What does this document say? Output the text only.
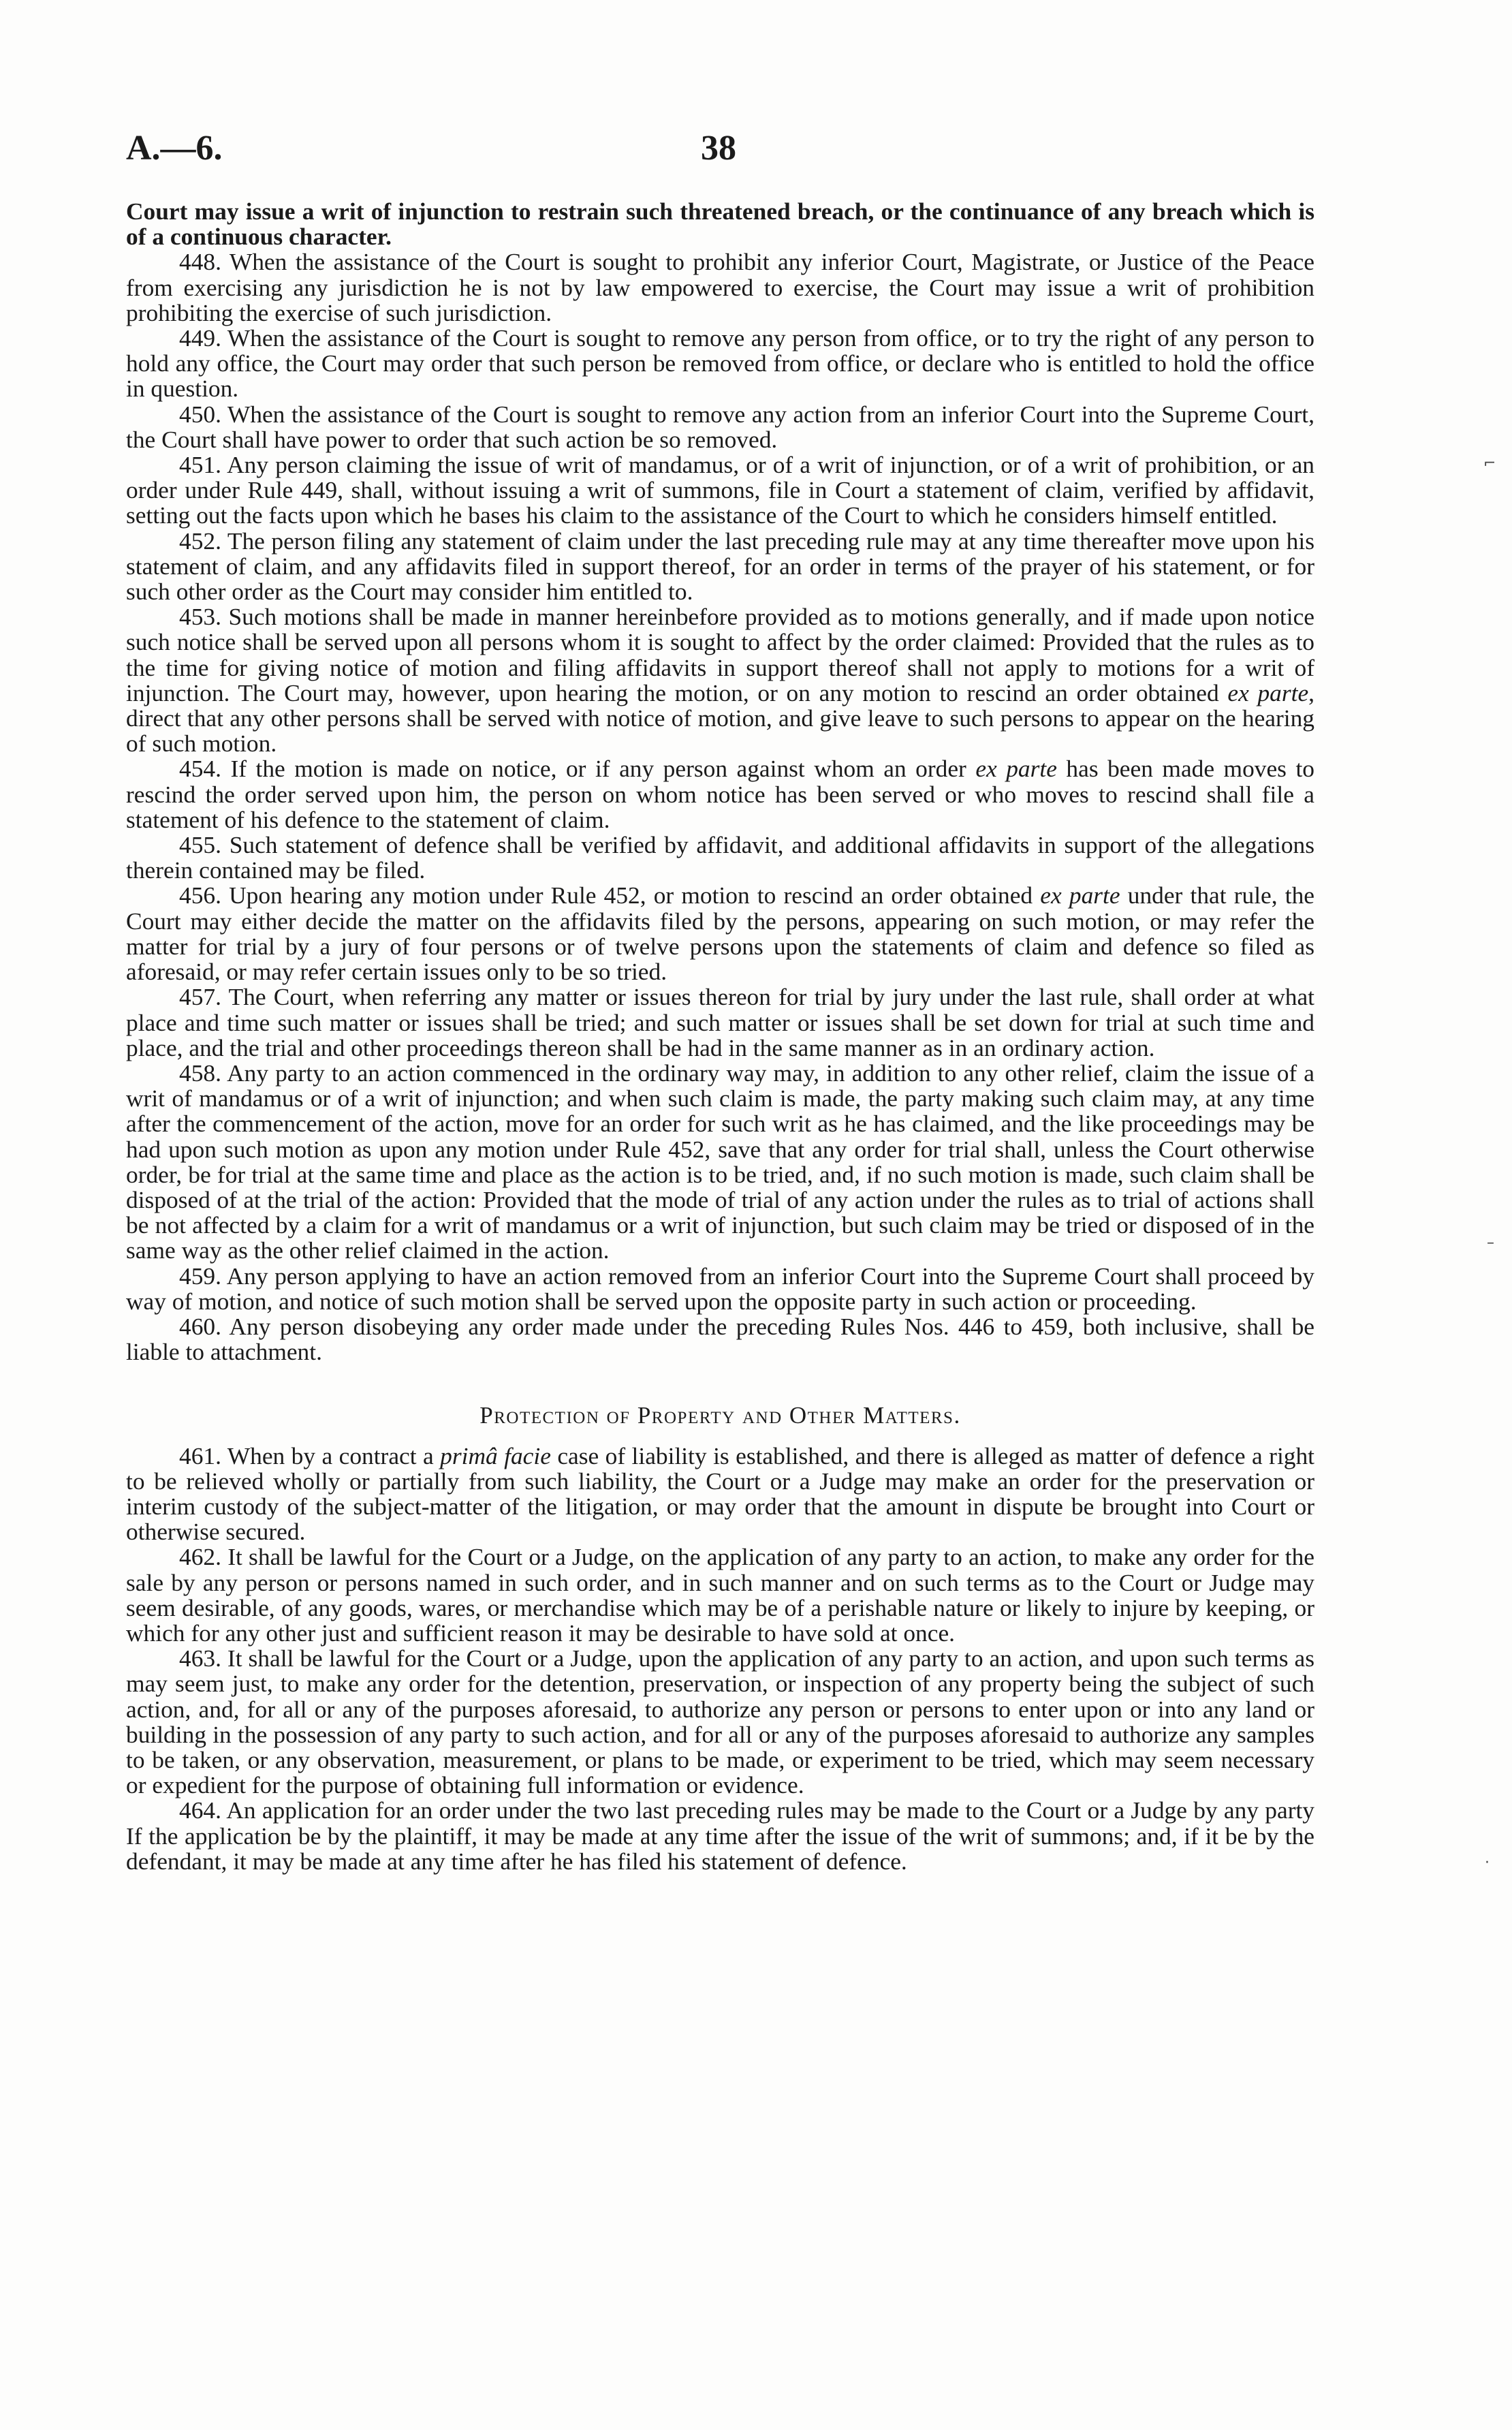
A.—6.	38
⌐
–
·

Court may issue a writ of injunction to restrain such threatened breach, or the continuance of any breach which is of a continuous character.

448. When the assistance of the Court is sought to prohibit any inferior Court, Magistrate, or Justice of the Peace from exercising any jurisdiction he is not by law empowered to exercise, the Court may issue a writ of prohibition prohibiting the exercise of such jurisdiction.

449. When the assistance of the Court is sought to remove any person from office, or to try the right of any person to hold any office, the Court may order that such person be removed from office, or declare who is entitled to hold the office in question.

450. When the assistance of the Court is sought to remove any action from an inferior Court into the Supreme Court, the Court shall have power to order that such action be so removed.

451. Any person claiming the issue of writ of mandamus, or of a writ of injunction, or of a writ of prohibition, or an order under Rule 449, shall, without issuing a writ of summons, file in Court a statement of claim, verified by affidavit, setting out the facts upon which he bases his claim to the assistance of the Court to which he considers himself entitled.

452. The person filing any statement of claim under the last preceding rule may at any time thereafter move upon his statement of claim, and any affidavits filed in support thereof, for an order in terms of the prayer of his statement, or for such other order as the Court may consider him entitled to.

453. Such motions shall be made in manner hereinbefore provided as to motions generally, and if made upon notice such notice shall be served upon all persons whom it is sought to affect by the order claimed: Provided that the rules as to the time for giving notice of motion and filing affidavits in support thereof shall not apply to motions for a writ of injunction. The Court may, however, upon hearing the motion, or on any motion to rescind an order obtained ex parte, direct that any other persons shall be served with notice of motion, and give leave to such persons to appear on the hearing of such motion.

454. If the motion is made on notice, or if any person against whom an order ex parte has been made moves to rescind the order served upon him, the person on whom notice has been served or who moves to rescind shall file a statement of his defence to the statement of claim.

455. Such statement of defence shall be verified by affidavit, and additional affidavits in support of the allegations therein contained may be filed.

456. Upon hearing any motion under Rule 452, or motion to rescind an order obtained ex parte under that rule, the Court may either decide the matter on the affidavits filed by the persons, appearing on such motion, or may refer the matter for trial by a jury of four persons or of twelve persons upon the statements of claim and defence so filed as aforesaid, or may refer certain issues only to be so tried.

457. The Court, when referring any matter or issues thereon for trial by jury under the last rule, shall order at what place and time such matter or issues shall be tried; and such matter or issues shall be set down for trial at such time and place, and the trial and other proceedings thereon shall be had in the same manner as in an ordinary action.

458. Any party to an action commenced in the ordinary way may, in addition to any other relief, claim the issue of a writ of mandamus or of a writ of injunction; and when such claim is made, the party making such claim may, at any time after the commencement of the action, move for an order for such writ as he has claimed, and the like proceedings may be had upon such motion as upon any motion under Rule 452, save that any order for trial shall, unless the Court otherwise order, be for trial at the same time and place as the action is to be tried, and, if no such motion is made, such claim shall be disposed of at the trial of the action: Provided that the mode of trial of any action under the rules as to trial of actions shall be not affected by a claim for a writ of mandamus or a writ of injunction, but such claim may be tried or disposed of in the same way as the other relief claimed in the action.

459. Any person applying to have an action removed from an inferior Court into the Supreme Court shall proceed by way of motion, and notice of such motion shall be served upon the opposite party in such action or proceeding.

460. Any person disobeying any order made under the preceding Rules Nos. 446 to 459, both inclusive, shall be liable to attachment.

Protection of Property and Other Matters.

461. When by a contract a primâ facie case of liability is established, and there is alleged as matter of defence a right to be relieved wholly or partially from such liability, the Court or a Judge may make an order for the preservation or interim custody of the subject-matter of the litigation, or may order that the amount in dispute be brought into Court or otherwise secured.

462. It shall be lawful for the Court or a Judge, on the application of any party to an action, to make any order for the sale by any person or persons named in such order, and in such manner and on such terms as to the Court or Judge may seem desirable, of any goods, wares, or merchandise which may be of a perishable nature or likely to injure by keeping, or which for any other just and sufficient reason it may be desirable to have sold at once.

463. It shall be lawful for the Court or a Judge, upon the application of any party to an action, and upon such terms as may seem just, to make any order for the detention, preservation, or inspection of any property being the subject of such action, and, for all or any of the purposes aforesaid, to authorize any person or persons to enter upon or into any land or building in the possession of any party to such action, and for all or any of the purposes aforesaid to authorize any samples to be taken, or any observation, measurement, or plans to be made, or experiment to be tried, which may seem necessary or expedient for the purpose of obtaining full information or evidence.

464. An application for an order under the two last preceding rules may be made to the Court or a Judge by any party If the application be by the plaintiff, it may be made at any time after the issue of the writ of summons; and, if it be by the defendant, it may be made at any time after he has filed his statement of defence.
